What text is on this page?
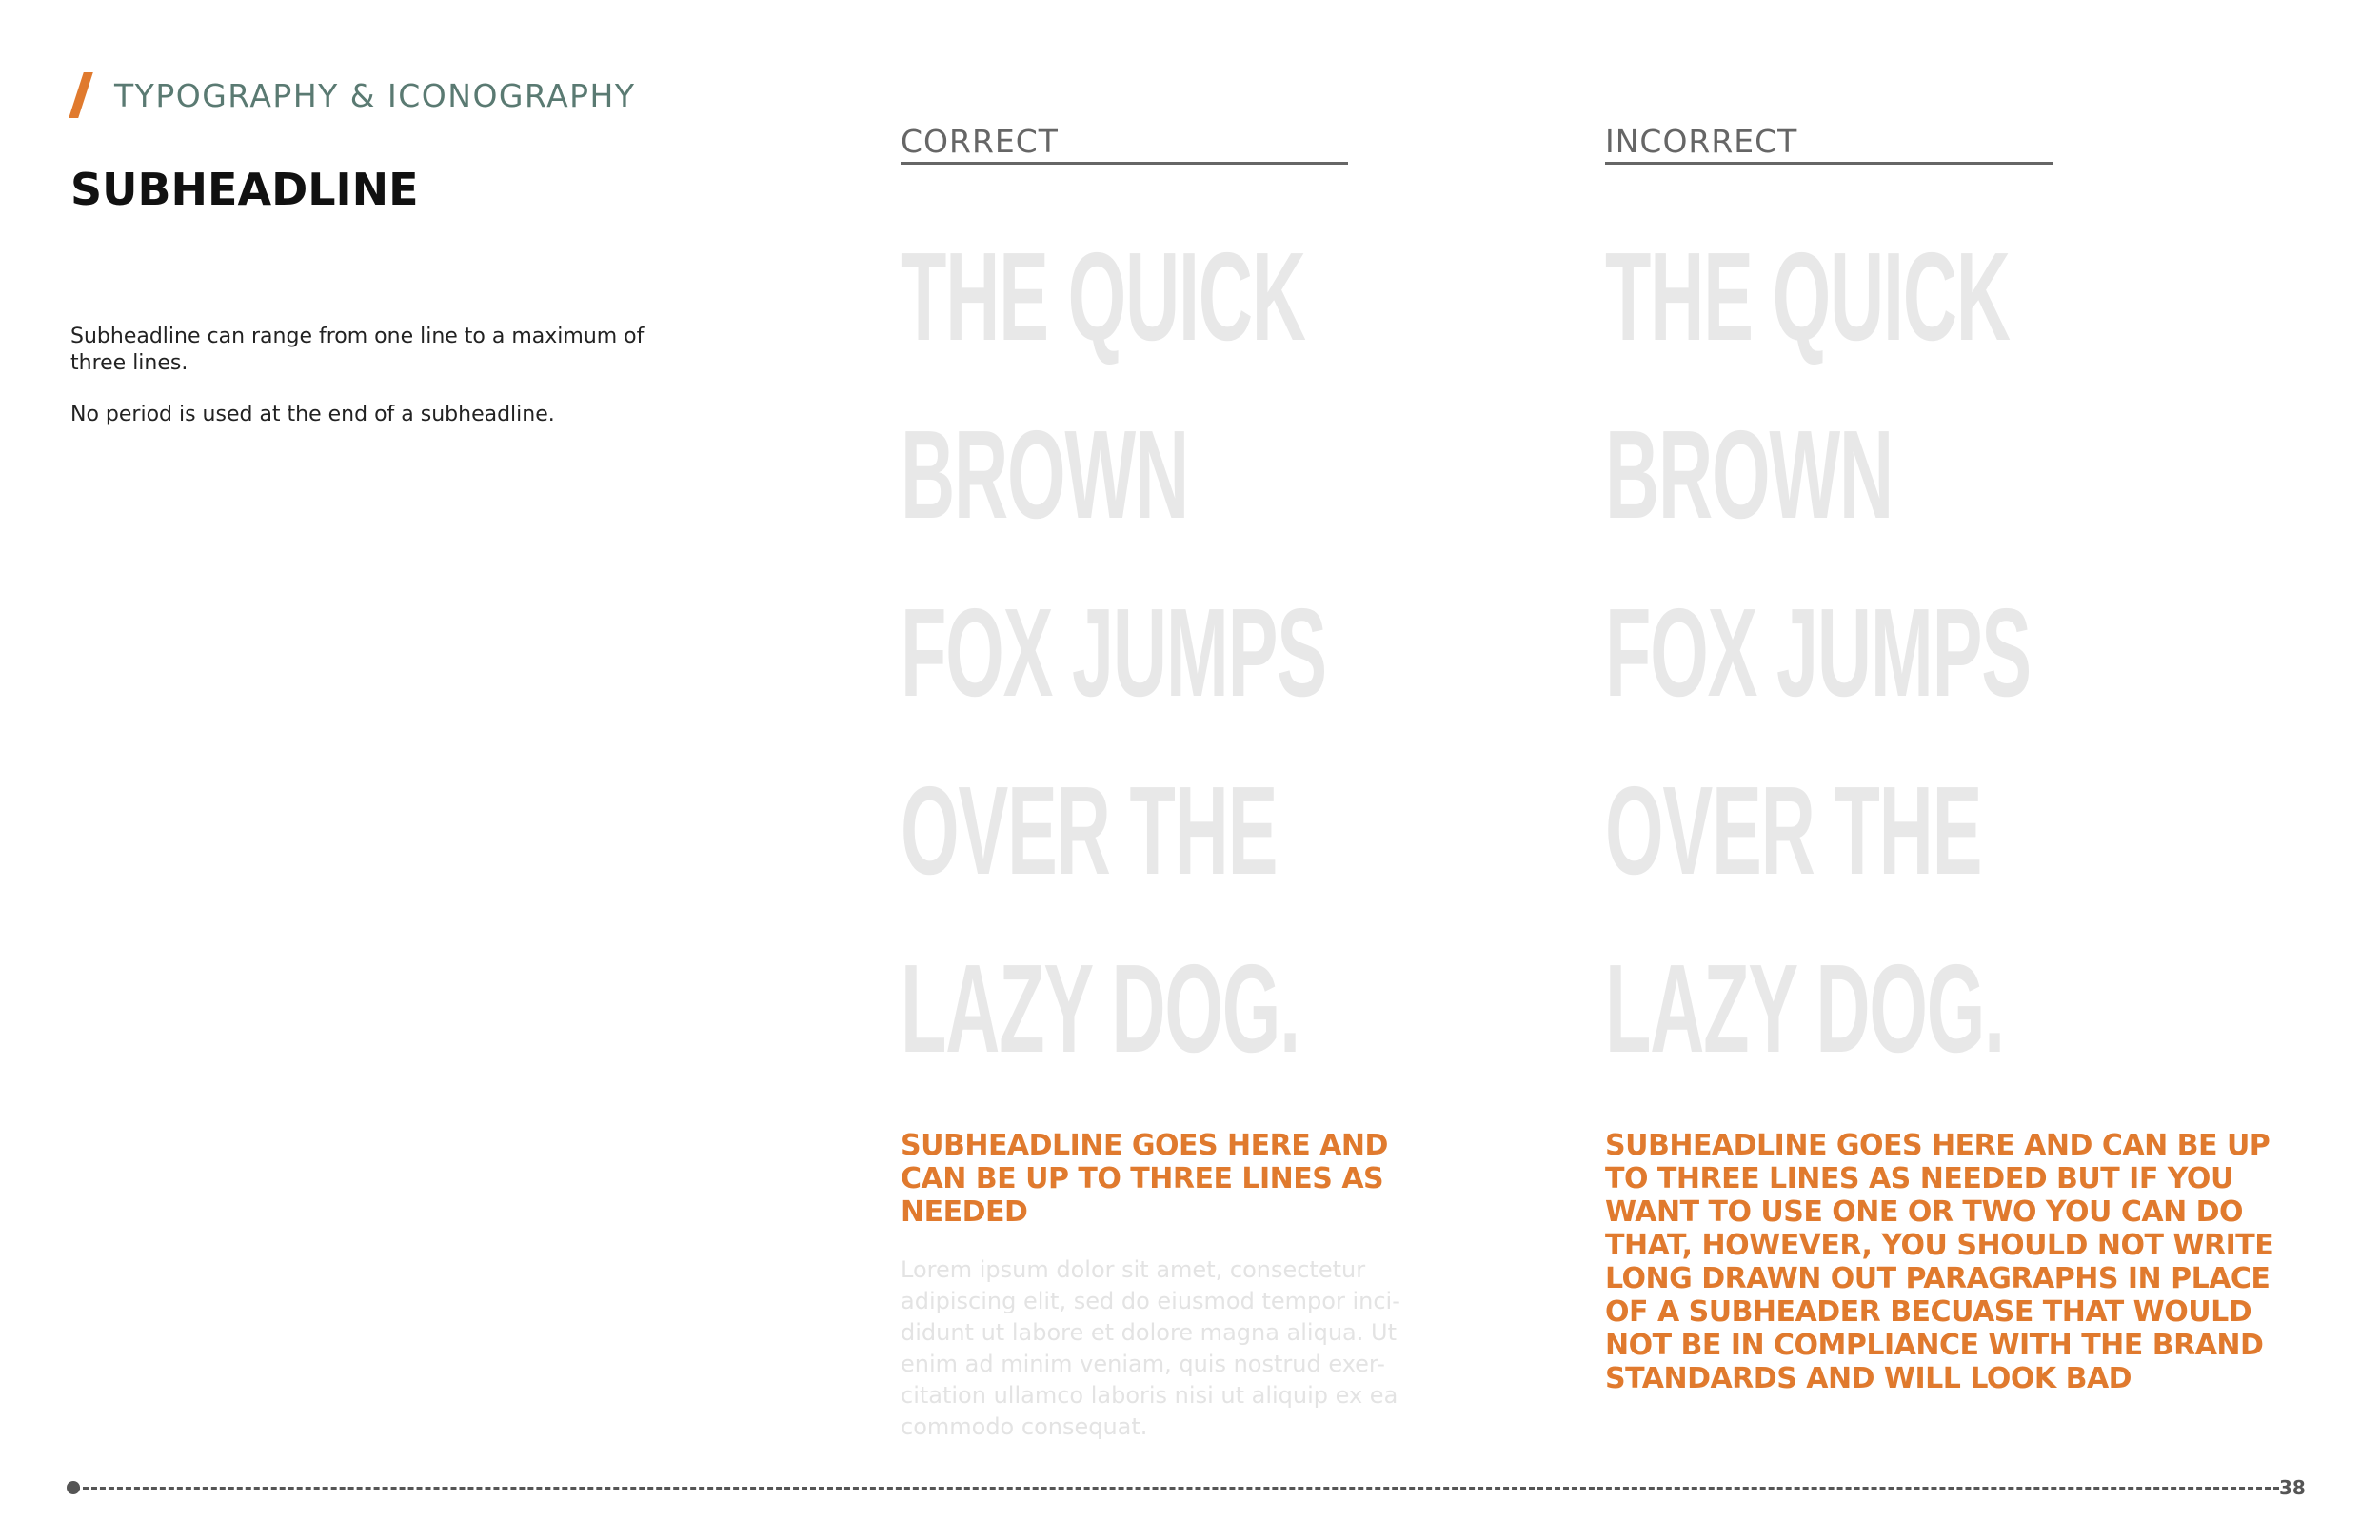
TYPOGRAPHY & ICONOGRAPHY
SUBHEADLINE
Subheadline can range from one line to a maximum of three lines.
No period is used at the end of a subheadline.
CORRECT	INCORRECT
THE QUICK
BROWN
FOX JUMPS
OVER THE
LAZY DOG.
THE QUICK
BROWN
FOX JUMPS
OVER THE
LAZY DOG.
SUBHEADLINE GOES HERE AND CAN BE UP TO THREE LINES AS NEEDED
SUBHEADLINE GOES HERE AND CAN BE UP TO THREE LINES AS NEEDED BUT IF YOU WANT TO USE ONE OR TWO YOU CAN DO THAT, HOWEVER, YOU SHOULD NOT WRITE LONG DRAWN OUT PARAGRAPHS IN PLACE OF A SUBHEADER BECUASE THAT WOULD NOT BE IN COMPLIANCE WITH THE BRAND STANDARDS AND WILL LOOK BAD
Lorem ipsum dolor sit amet, consectetur adipiscing elit, sed do eiusmod tempor inci-didunt ut labore et dolore magna aliqua. Ut enim ad minim veniam, quis nostrud exer-citation ullamco laboris nisi ut aliquip ex ea commodo consequat.
38
